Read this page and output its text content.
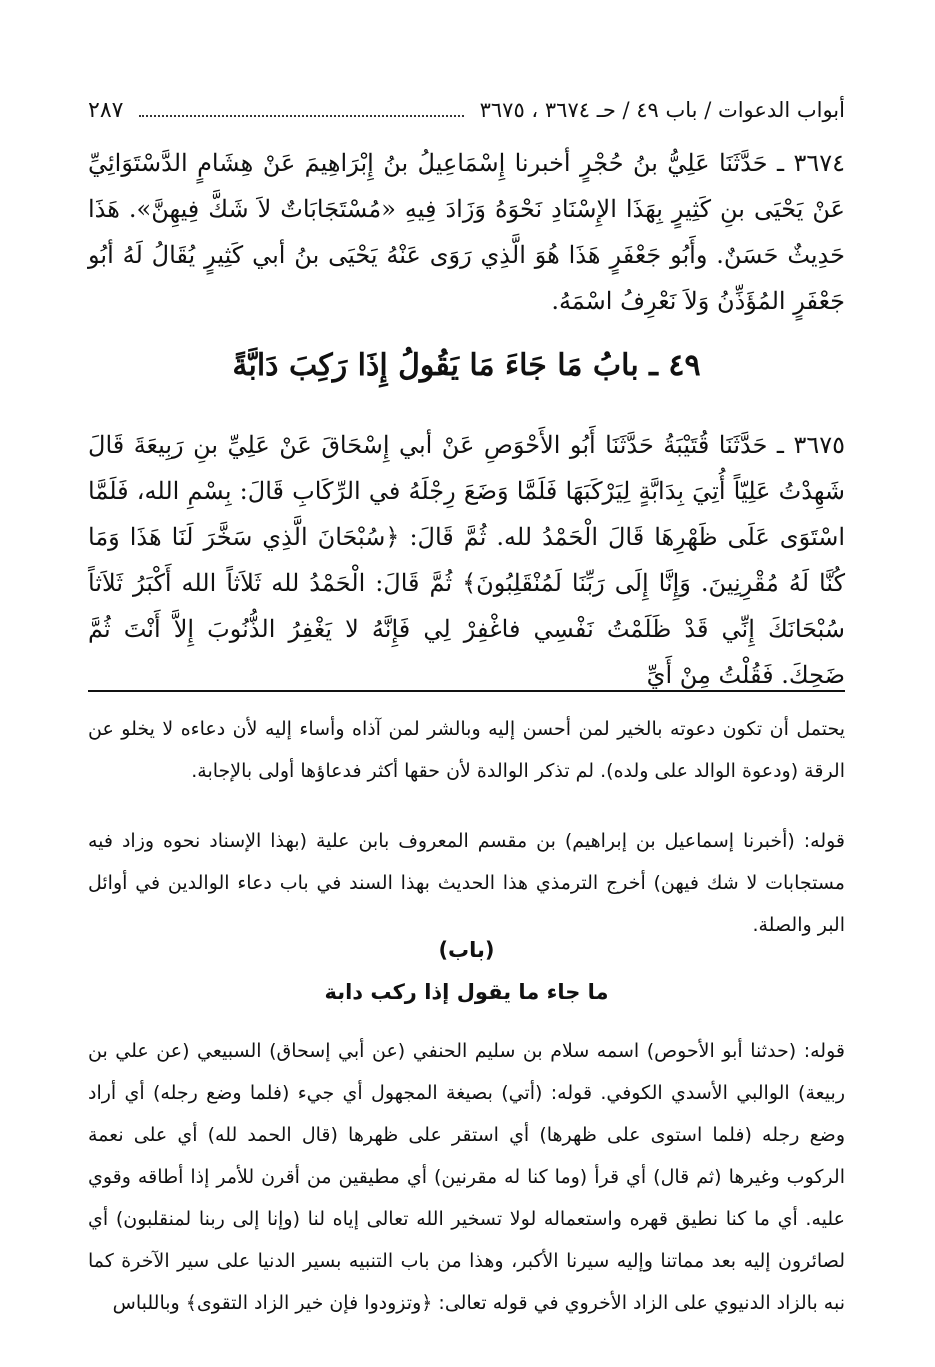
٢٨٧	أبواب الدعوات / باب ٤٩ / حـ ٣٦٧٤ ، ٣٦٧٥

٣٦٧٤ ـ حَدَّثَنَا عَلِيُّ بنُ حُجْرٍ أخبرنا إِسْمَاعِيلُ بنُ إِبْرَاهِيمَ عَنْ هِشَامٍ الدَّسْتَوَائِيِّ عَنْ يَحْيَى بنِ كَثِيرٍ بِهَذَا الإِسْنَادِ نَحْوَهُ وَزَادَ فِيهِ «مُسْتَجَابَاتٌ لاَ شَكَّ فِيهِنَّ». هَذَا حَدِيثٌ حَسَنٌ. وأَبُو جَعْفَرٍ هَذَا هُوَ الَّذِي رَوَى عَنْهُ يَحْيَى بنُ أبي كَثِيرٍ يُقَالُ لَهُ أبُو جَعْفَرٍ المُؤَذِّنُ وَلاَ نَعْرِفُ اسْمَهُ.

٤٩ ـ بابُ مَا جَاءَ مَا يَقُولُ إِذَا رَكِبَ دَابَّةً

٣٦٧٥ ـ حَدَّثَنَا قُتَيْبَةُ حَدَّثَنَا أَبُو الأَحْوَصِ عَنْ أبي إِسْحَاقَ عَنْ عَلِيِّ بنِ رَبِيعَةَ قَالَ شَهِدْتُ عَلِيّاً أُتِيَ بِدَابَّةٍ لِيَرْكَبَهَا فَلَمَّا وَضَعَ رِجْلَهُ في الرِّكَابِ قَالَ: بِسْمِ الله، فَلَمَّا اسْتَوَى عَلَى ظَهْرِهَا قَالَ الْحَمْدُ لله. ثُمَّ قَالَ: ﴿سُبْحَانَ الَّذِي سَخَّرَ لَنَا هَذَا وَمَا كُنَّا لَهُ مُقْرِنِينَ. وَإِنَّا إِلَى رَبِّنَا لَمُنْقَلِبُونَ﴾ ثُمَّ قَالَ: الْحَمْدُ لله ثَلاَثاً الله أَكْبَرُ ثَلاَثاً سُبْحَانَكَ إِنِّي قَدْ ظَلَمْتُ نَفْسِي فاغْفِرْ لِي فَإِنَّهُ لا يَغْفِرُ الذُّنُوبَ إِلاَّ أَنْتَ ثُمَّ ضَحِكَ. فَقُلْتُ مِنْ أَيِّ

يحتمل أن تكون دعوته بالخير لمن أحسن إليه وبالشر لمن آذاه وأساء إليه لأن دعاءه لا يخلو عن الرقة (ودعوة الوالد على ولده). لم تذكر الوالدة لأن حقها أكثر فدعاؤها أولى بالإجابة.

قوله: (أخبرنا إسماعيل بن إبراهيم) بن مقسم المعروف بابن علية (بهذا الإسناد نحوه وزاد فيه مستجابات لا شك فيهن) أخرج الترمذي هذا الحديث بهذا السند في باب دعاء الوالدين في أوائل البر والصلة.

(باب)

ما جاء ما يقول إذا ركب دابة

قوله: (حدثنا أبو الأحوص) اسمه سلام بن سليم الحنفي (عن أبي إسحاق) السبيعي (عن علي بن ربيعة) الوالبي الأسدي الكوفي. قوله: (أتي) بصيغة المجهول أي جيء (فلما وضع رجله) أي أراد وضع رجله (فلما استوى على ظهرها) أي استقر على ظهرها (قال الحمد لله) أي على نعمة الركوب وغيرها (ثم قال) أي قرأ (وما كنا له مقرنين) أي مطيقين من أقرن للأمر إذا أطاقه وقوي عليه. أي ما كنا نطيق قهره واستعماله لولا تسخير الله تعالى إياه لنا (وإنا إلى ربنا لمنقلبون) أي لصائرون إليه بعد مماتنا وإليه سيرنا الأكبر، وهذا من باب التنبيه بسير الدنيا على سير الآخرة كما نبه بالزاد الدنيوي على الزاد الأخروي في قوله تعالى: ﴿وتزودوا فإن خير الزاد التقوى﴾ وباللباس
